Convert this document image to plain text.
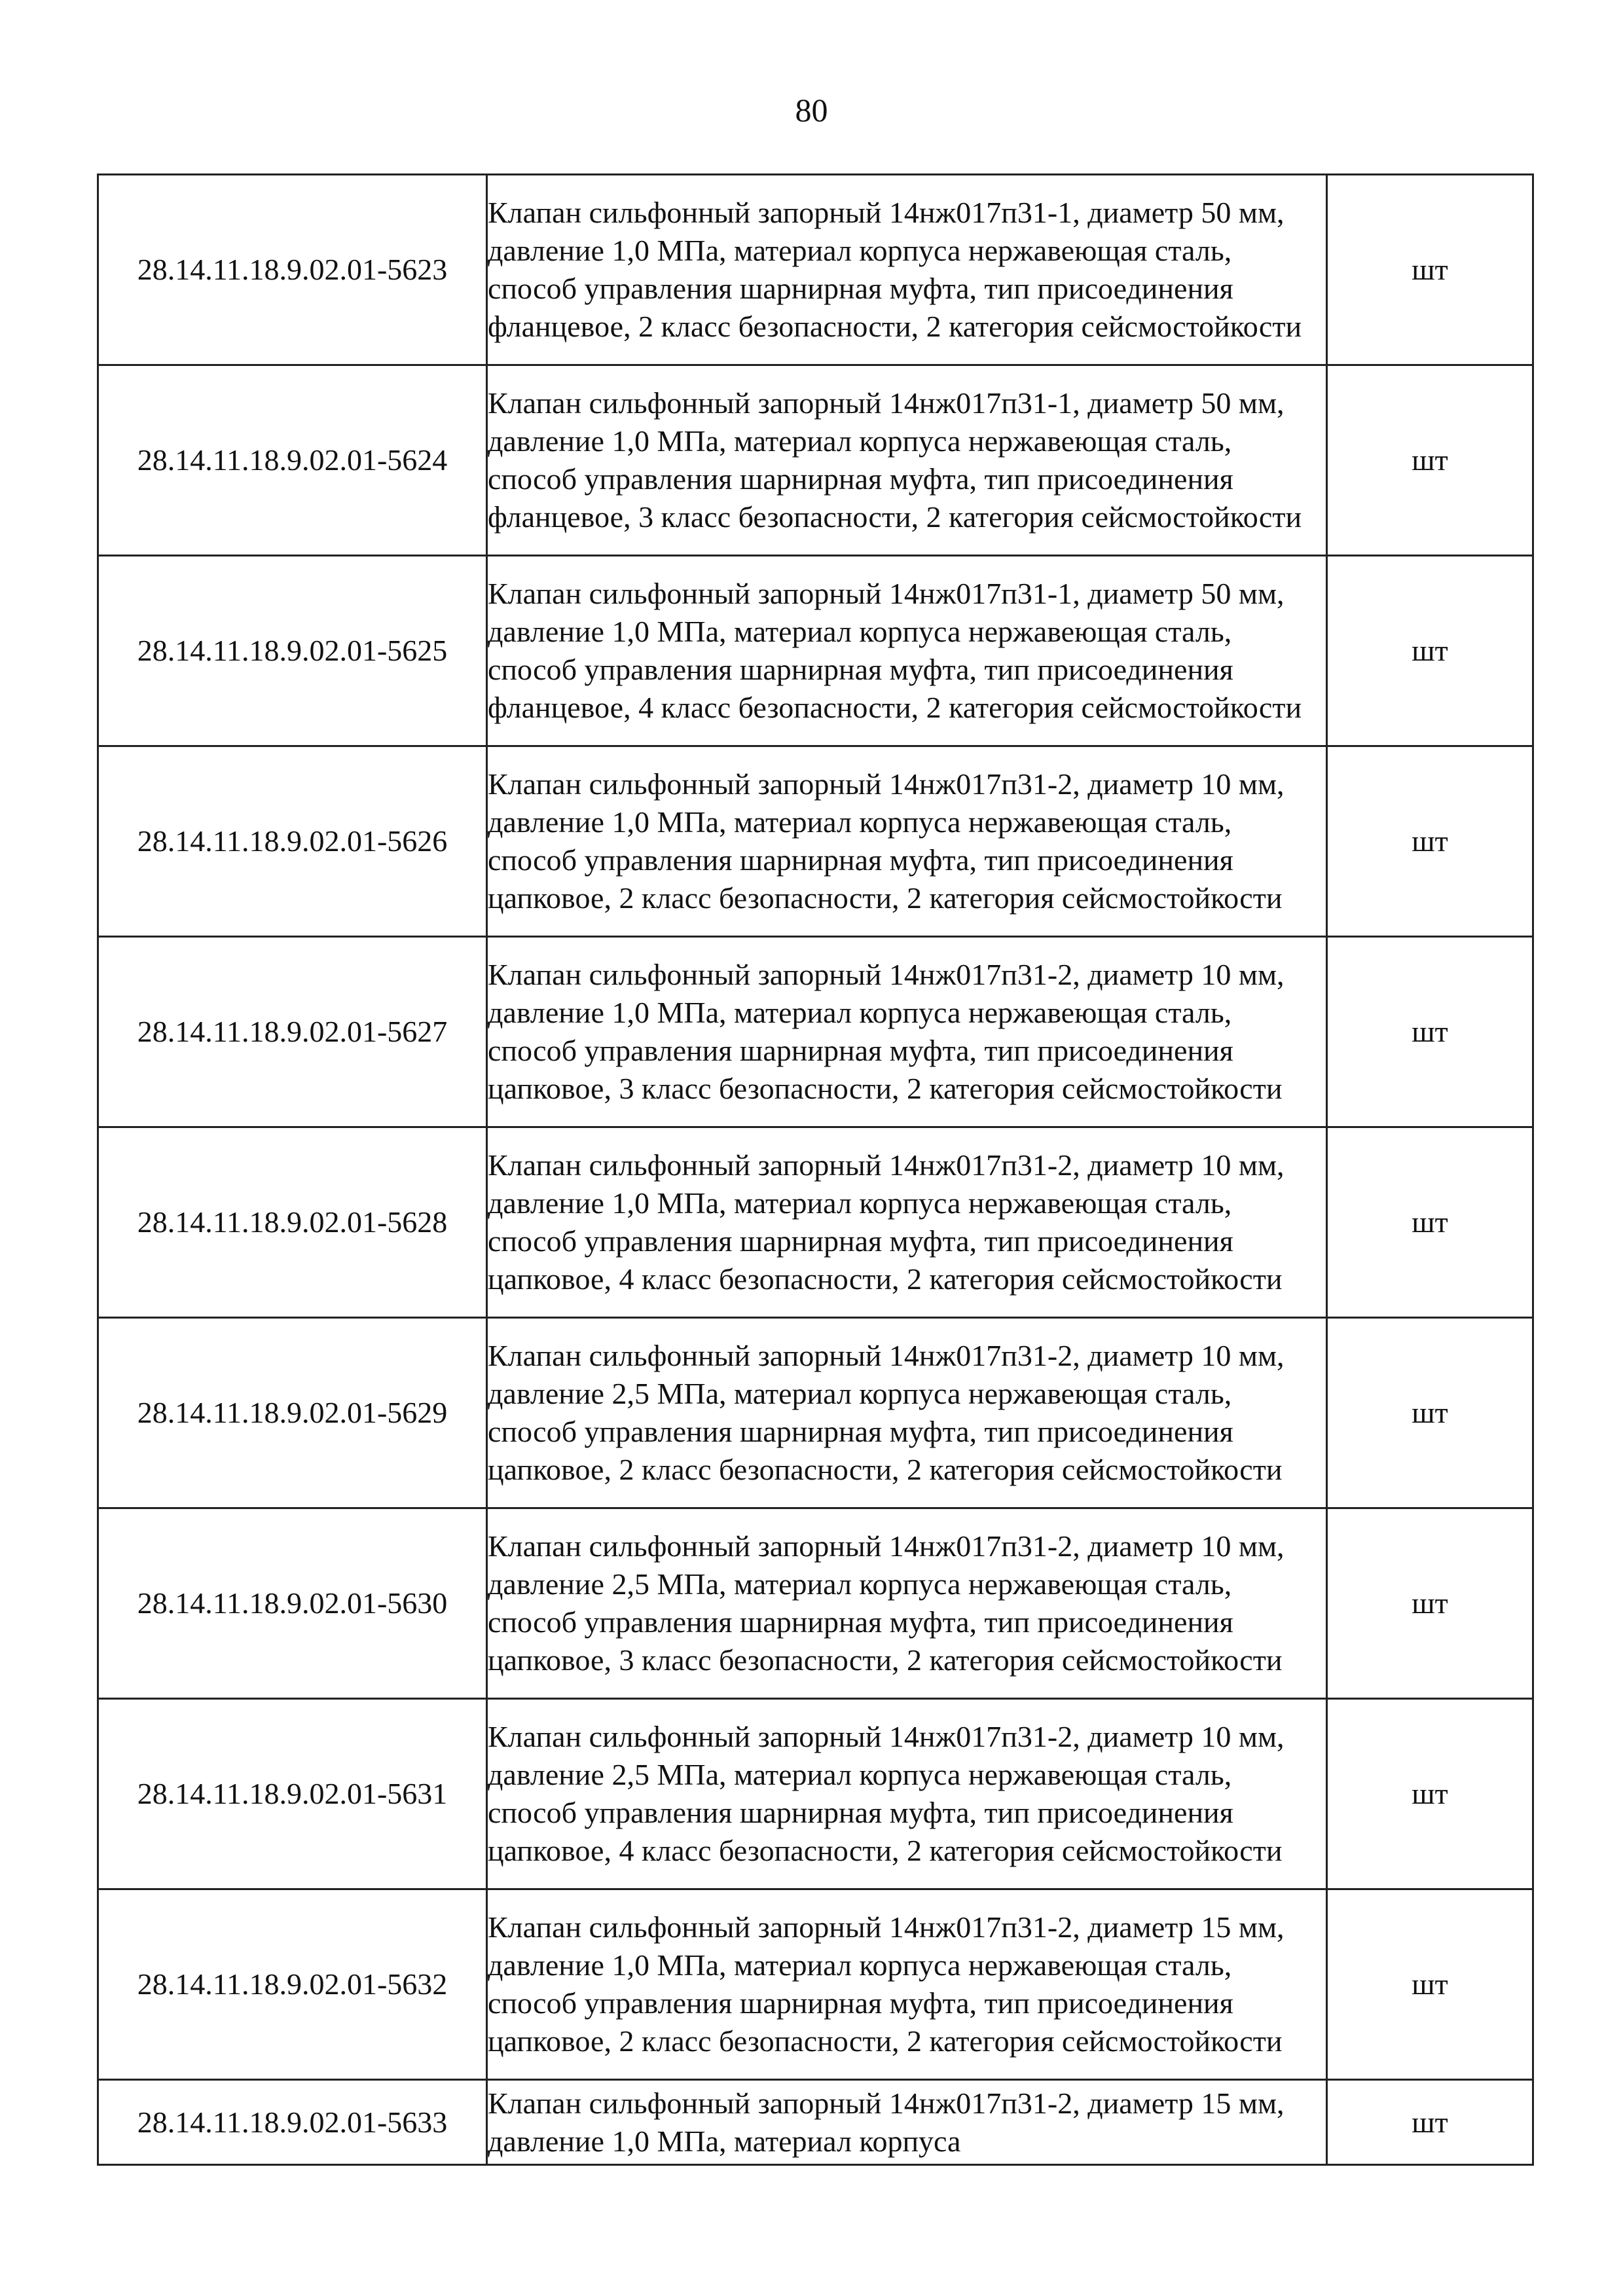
80
28.14.11.18.9.02.01-5623	Клапан сильфонный запорный 14нж017п31-1, диаметр 50 мм, давление 1,0 МПа, материал корпуса нержавеющая сталь, способ управления шарнирная муфта, тип присоединения фланцевое, 2 класс безопасности, 2 категория сейсмостойкости	шт
28.14.11.18.9.02.01-5624	Клапан сильфонный запорный 14нж017п31-1, диаметр 50 мм, давление 1,0 МПа, материал корпуса нержавеющая сталь, способ управления шарнирная муфта, тип присоединения фланцевое, 3 класс безопасности, 2 категория сейсмостойкости	шт
28.14.11.18.9.02.01-5625	Клапан сильфонный запорный 14нж017п31-1, диаметр 50 мм, давление 1,0 МПа, материал корпуса нержавеющая сталь, способ управления шарнирная муфта, тип присоединения фланцевое, 4 класс безопасности, 2 категория сейсмостойкости	шт
28.14.11.18.9.02.01-5626	Клапан сильфонный запорный 14нж017п31-2, диаметр 10 мм, давление 1,0 МПа, материал корпуса нержавеющая сталь, способ управления шарнирная муфта, тип присоединения цапковое, 2 класс безопасности, 2 категория сейсмостойкости	шт
28.14.11.18.9.02.01-5627	Клапан сильфонный запорный 14нж017п31-2, диаметр 10 мм, давление 1,0 МПа, материал корпуса нержавеющая сталь, способ управления шарнирная муфта, тип присоединения цапковое, 3 класс безопасности, 2 категория сейсмостойкости	шт
28.14.11.18.9.02.01-5628	Клапан сильфонный запорный 14нж017п31-2, диаметр 10 мм, давление 1,0 МПа, материал корпуса нержавеющая сталь, способ управления шарнирная муфта, тип присоединения цапковое, 4 класс безопасности, 2 категория сейсмостойкости	шт
28.14.11.18.9.02.01-5629	Клапан сильфонный запорный 14нж017п31-2, диаметр 10 мм, давление 2,5 МПа, материал корпуса нержавеющая сталь, способ управления шарнирная муфта, тип присоединения цапковое, 2 класс безопасности, 2 категория сейсмостойкости	шт
28.14.11.18.9.02.01-5630	Клапан сильфонный запорный 14нж017п31-2, диаметр 10 мм, давление 2,5 МПа, материал корпуса нержавеющая сталь, способ управления шарнирная муфта, тип присоединения цапковое, 3 класс безопасности, 2 категория сейсмостойкости	шт
28.14.11.18.9.02.01-5631	Клапан сильфонный запорный 14нж017п31-2, диаметр 10 мм, давление 2,5 МПа, материал корпуса нержавеющая сталь, способ управления шарнирная муфта, тип присоединения цапковое, 4 класс безопасности, 2 категория сейсмостойкости	шт
28.14.11.18.9.02.01-5632	Клапан сильфонный запорный 14нж017п31-2, диаметр 15 мм, давление 1,0 МПа, материал корпуса нержавеющая сталь, способ управления шарнирная муфта, тип присоединения цапковое, 2 класс безопасности, 2 категория сейсмостойкости	шт
28.14.11.18.9.02.01-5633	Клапан сильфонный запорный 14нж017п31-2, диаметр 15 мм, давление 1,0 МПа, материал корпуса	шт
